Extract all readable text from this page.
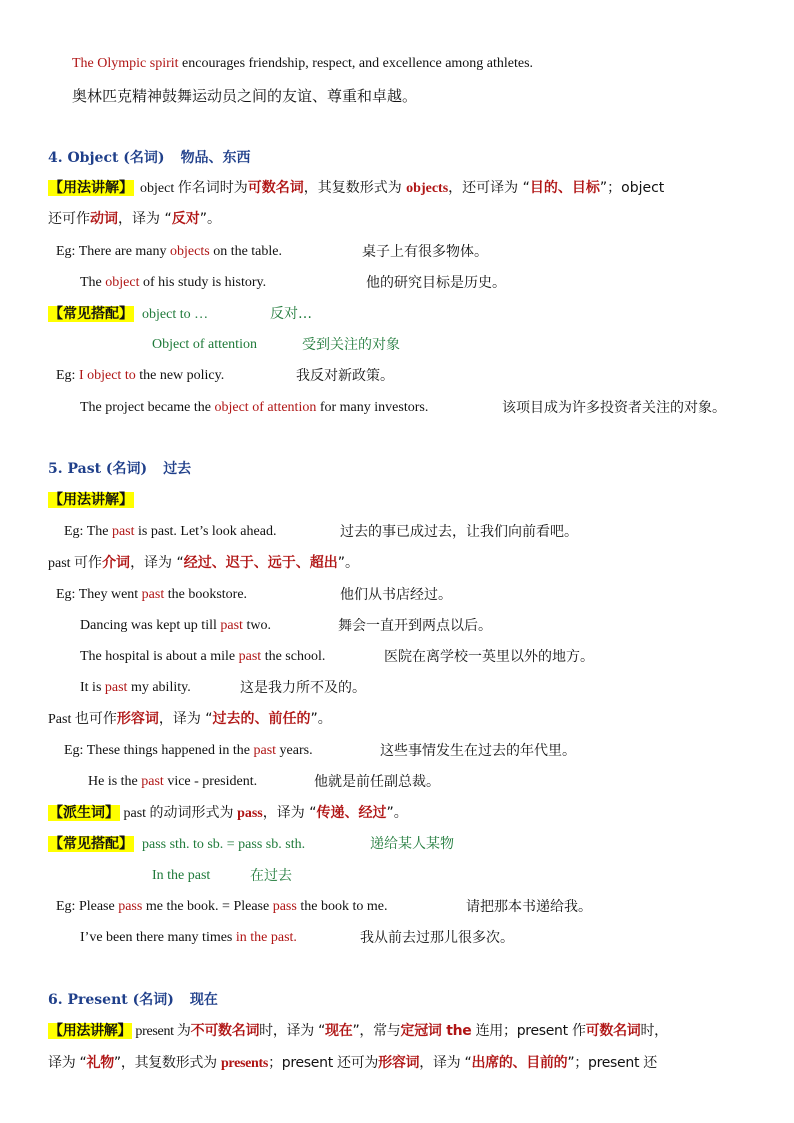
The Olympic spirit encourages friendship, respect, and excellence among athletes.
奥林匹克精神鼓舞运动员之间的友谊、尊重和卓越。
4. Object (名词) 物品、东西
【用法讲解】 object 作名词时为可数名词，其复数形式为 objects，还可译为 “目的、目标”；object
还可作动词，译为 “反对”。
Eg: There are many objects on the table.	桌子上有很多物体。
The object of his study is history.	他的研究目标是历史。
【常见搭配】 object to …	反对…
Object of attention	受到关注的对象
Eg: I object to the new policy.	我反对新政策。
The project became the object of attention for many investors.	该项目成为许多投资者关注的对象。
5. Past (名词) 过去
【用法讲解】
Eg: The past is past. Let’s look ahead.	过去的事已成过去，让我们向前看吧。
past 可作介词，译为 “经过、迟于、远于、超出”。
Eg: They went past the bookstore.	他们从书店经过。
Dancing was kept up till past two.	舞会一直开到两点以后。
The hospital is about a mile past the school.	医院在离学校一英里以外的地方。
It is past my ability.	这是我力所不及的。
Past 也可作形容词，译为 “过去的、前任的”。
Eg: These things happened in the past years.	这些事情发生在过去的年代里。
He is the past vice - president.	他就是前任副总裁。
【派生词】 past 的动词形式为 pass，译为 “传递、经过”。
【常见搭配】 pass sth. to sb. = pass sb. sth.	递给某人某物
In the past	在过去
Eg: Please pass me the book. = Please pass the book to me.	请把那本书递给我。
I’ve been there many times in the past.	我从前去过那儿很多次。
6. Present (名词) 现在
【用法讲解】 present 为不可数名词时，译为 “现在”，常与定冠词 the 连用；present 作可数名词时，
译为 “礼物”，其复数形式为 presents；present 还可为形容词，译为 “出席的、目前的”；present 还
